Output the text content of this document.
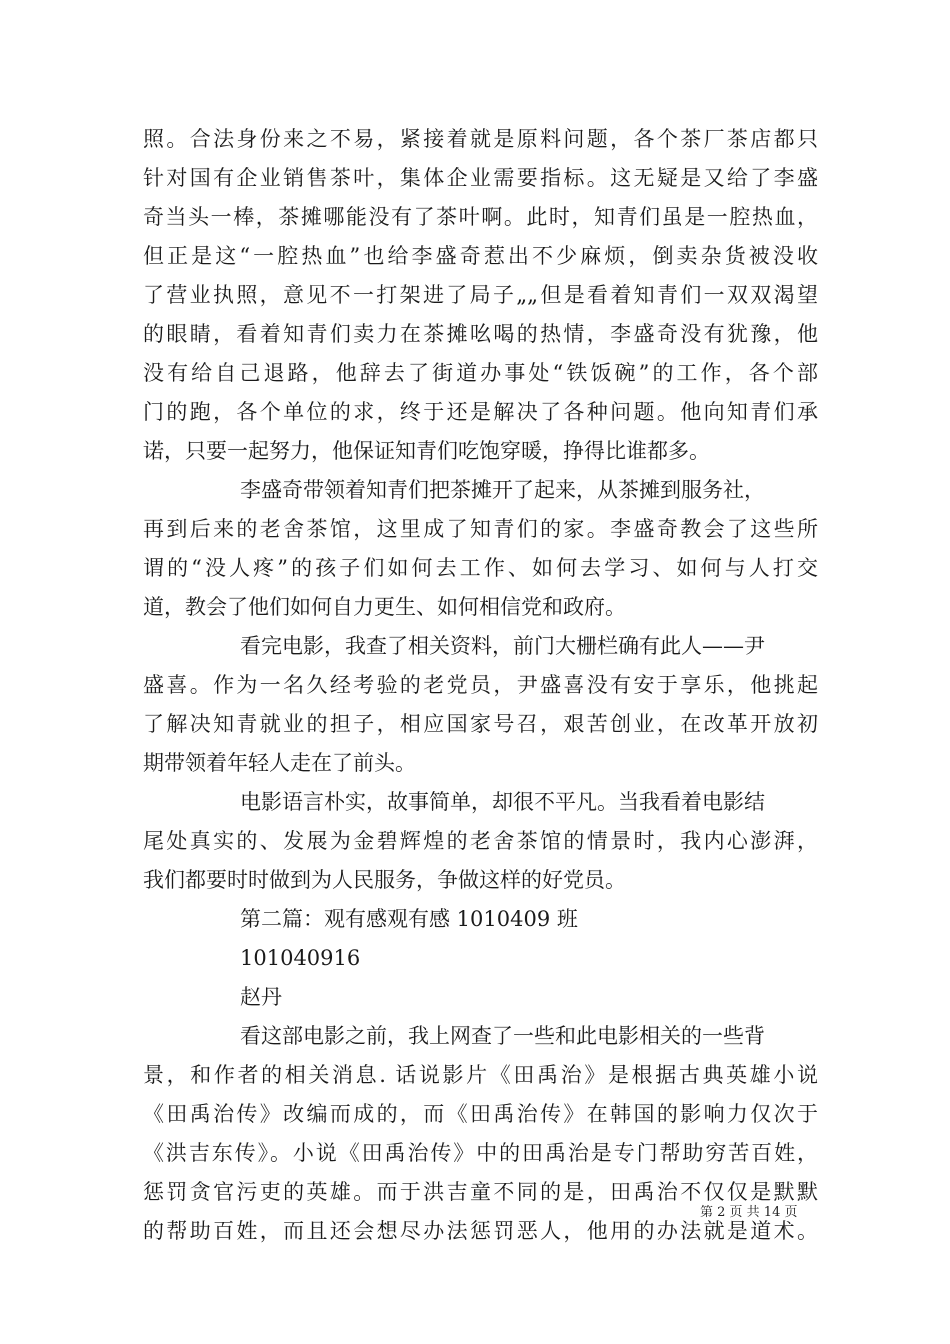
照。合法身份来之不易，紧接着就是原料问题，各个茶厂茶店都只
针对国有企业销售茶叶，集体企业需要指标。这无疑是又给了李盛
奇当头一棒，茶摊哪能没有了茶叶啊。此时，知青们虽是一腔热血，
但正是这“一腔热血”也给李盛奇惹出不少麻烦，倒卖杂货被没收
了营业执照，意见不一打架进了局子„„但是看着知青们一双双渴望
的眼睛，看着知青们卖力在茶摊吆喝的热情，李盛奇没有犹豫，他
没有给自己退路，他辞去了街道办事处“铁饭碗”的工作，各个部
门的跑，各个单位的求，终于还是解决了各种问题。他向知青们承
诺，只要一起努力，他保证知青们吃饱穿暖，挣得比谁都多。
李盛奇带领着知青们把茶摊开了起来，从茶摊到服务社，
再到后来的老舍茶馆，这里成了知青们的家。李盛奇教会了这些所
谓的“没人疼”的孩子们如何去工作、如何去学习、如何与人打交
道，教会了他们如何自力更生、如何相信党和政府。
看完电影，我查了相关资料，前门大栅栏确有此人——尹
盛喜。作为一名久经考验的老党员，尹盛喜没有安于享乐，他挑起
了解决知青就业的担子，相应国家号召，艰苦创业，在改革开放初
期带领着年轻人走在了前头。
电影语言朴实，故事简单，却很不平凡。当我看着电影结
尾处真实的、发展为金碧辉煌的老舍茶馆的情景时，我内心澎湃，
我们都要时时做到为人民服务，争做这样的好党员。
第二篇：观有感观有感 1010409 班
101040916
赵丹
看这部电影之前，我上网查了一些和此电影相关的一些背
景，和作者的相关消息. 话说影片《田禹治》是根据古典英雄小说
《田禹治传》改编而成的，而《田禹治传》在韩国的影响力仅次于
《洪吉东传》。小说《田禹治传》中的田禹治是专门帮助穷苦百姓，
惩罚贪官污吏的英雄。而于洪吉童不同的是，田禹治不仅仅是默默
的帮助百姓，而且还会想尽办法惩罚恶人，他用的办法就是道术。
第 2 页 共 14 页
